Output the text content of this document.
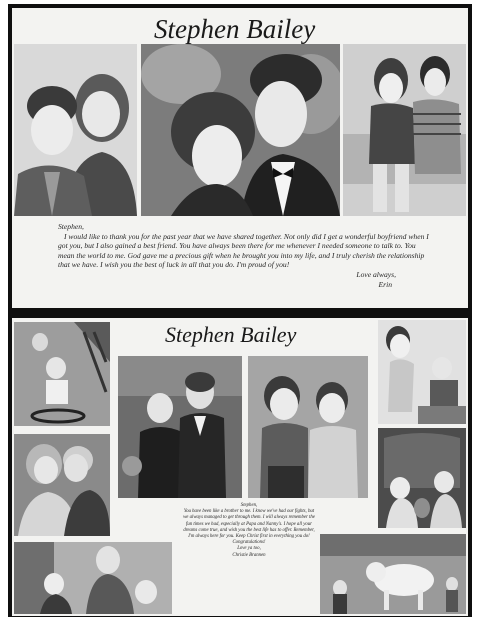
Stephen Bailey

Stephen,

I would like to thank you for the past year that we have shared together. Not only did I get a wonderful boyfriend when I got you, but I also gained a best friend. You have always been there for me whenever I needed someone to talk to. You mean the world to me. God gave me a precious gift when he brought you into my life, and I truly cherish the relationship that we have. I wish you the best of luck in all that you do. I'm proud of you!

Love always,

Erin

Stephen Bailey

Stephen,

You have been like a brother to me. I know we've had our fights, but we always managed to get through them. I will always remember the fun times we had, especially at Papa and Nanny's. I hope all your dreams come true, and wish you the best life has to offer. Remember, I'm always here for you. Keep Christ first in everything you do! Congratulations!

Love ya too,

Christie Brannen
